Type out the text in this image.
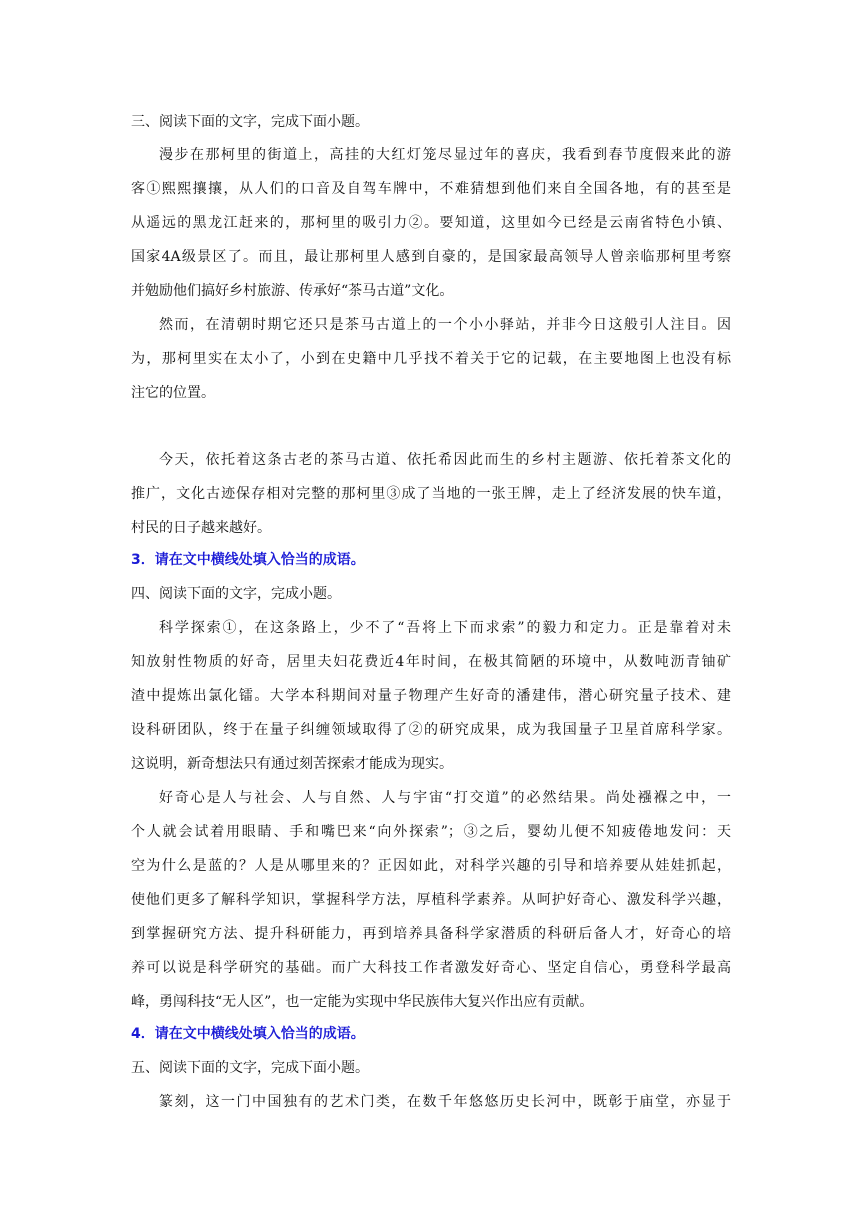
三、阅读下面的文字，完成下面小题。
漫步在那柯里的街道上，高挂的大红灯笼尽显过年的喜庆，我看到春节度假来此的游
客①熙熙攘攘，从人们的口音及自驾车牌中，不难猜想到他们来自全国各地，有的甚至是
从遥远的黑龙江赶来的，那柯里的吸引力②。要知道，这里如今已经是云南省特色小镇、
国家4A级景区了。而且，最让那柯里人感到自豪的，是国家最高领导人曾亲临那柯里考察
并勉励他们搞好乡村旅游、传承好“茶马古道”文化。
然而，在清朝时期它还只是茶马古道上的一个小小驿站，并非今日这般引人注目。因
为，那柯里实在太小了，小到在史籍中几乎找不着关于它的记载，在主要地图上也没有标
注它的位置。
今天，依托着这条古老的茶马古道、依托希因此而生的乡村主题游、依托着茶文化的
推广，文化古迹保存相对完整的那柯里③成了当地的一张王牌，走上了经济发展的快车道，
村民的日子越来越好。
3．请在文中横线处填入恰当的成语。
四、阅读下面的文字，完成小题。
科学探索①，在这条路上，少不了“吾将上下而求索”的毅力和定力。正是靠着对未
知放射性物质的好奇，居里夫妇花费近4年时间，在极其简陋的环境中，从数吨沥青铀矿
渣中提炼出氯化镭。大学本科期间对量子物理产生好奇的潘建伟，潜心研究量子技术、建
设科研团队，终于在量子纠缠领域取得了②的研究成果，成为我国量子卫星首席科学家。
这说明，新奇想法只有通过刻苦探索才能成为现实。
好奇心是人与社会、人与自然、人与宇宙“打交道”的必然结果。尚处襁褓之中，一
个人就会试着用眼睛、手和嘴巴来“向外探索”；③之后，婴幼儿便不知疲倦地发问：天
空为什么是蓝的？人是从哪里来的？正因如此，对科学兴趣的引导和培养要从娃娃抓起，
使他们更多了解科学知识，掌握科学方法，厚植科学素养。从呵护好奇心、激发科学兴趣，
到掌握研究方法、提升科研能力，再到培养具备科学家潜质的科研后备人才，好奇心的培
养可以说是科学研究的基础。而广大科技工作者激发好奇心、坚定自信心，勇登科学最高
峰，勇闯科技“无人区”，也一定能为实现中华民族伟大复兴作出应有贡献。
4．请在文中横线处填入恰当的成语。
五、阅读下面的文字，完成下面小题。
篆刻，这一门中国独有的艺术门类，在数千年悠悠历史长河中，既彰于庙堂，亦显于
